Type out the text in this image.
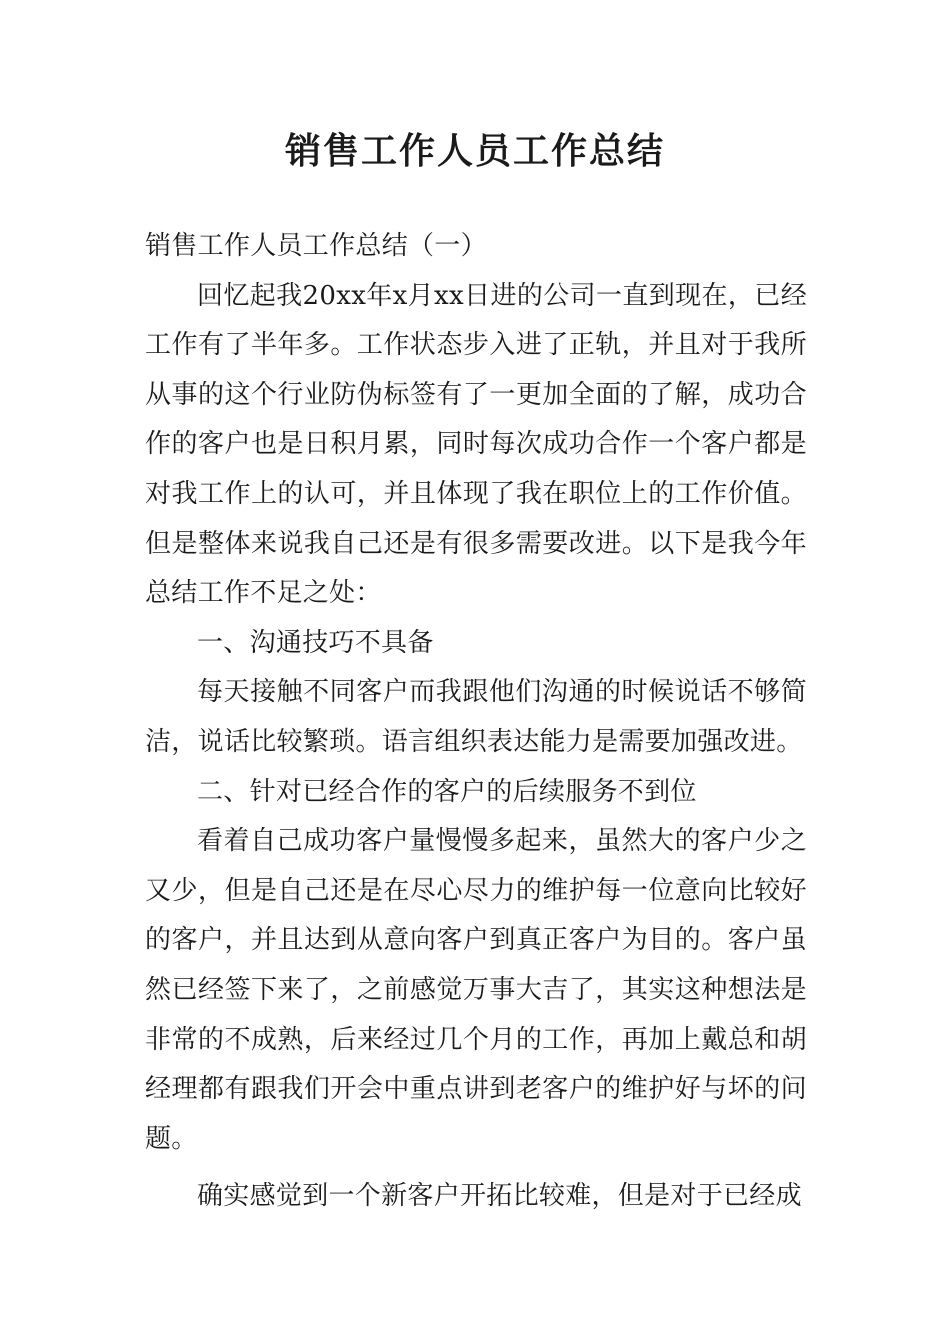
销售工作人员工作总结

销售工作人员工作总结（一）

回忆起我20xx年x月xx日进的公司一直到现在，已经工作有了半年多。工作状态步入进了正轨，并且对于我所从事的这个行业防伪标签有了一更加全面的了解，成功合作的客户也是日积月累，同时每次成功合作一个客户都是对我工作上的认可，并且体现了我在职位上的工作价值。但是整体来说我自己还是有很多需要改进。以下是我今年总结工作不足之处：

一、沟通技巧不具备

每天接触不同客户而我跟他们沟通的时候说话不够简洁，说话比较繁琐。语言组织表达能力是需要加强改进。

二、针对已经合作的客户的后续服务不到位

看着自己成功客户量慢慢多起来，虽然大的客户少之又少，但是自己还是在尽心尽力的维护每一位意向比较好的客户，并且达到从意向客户到真正客户为目的。客户虽然已经签下来了，之前感觉万事大吉了，其实这种想法是非常的不成熟，后来经过几个月的工作，再加上戴总和胡经理都有跟我们开会中重点讲到老客户的维护好与坏的问题。

确实感觉到一个新客户开拓比较难，但是对于已经成
